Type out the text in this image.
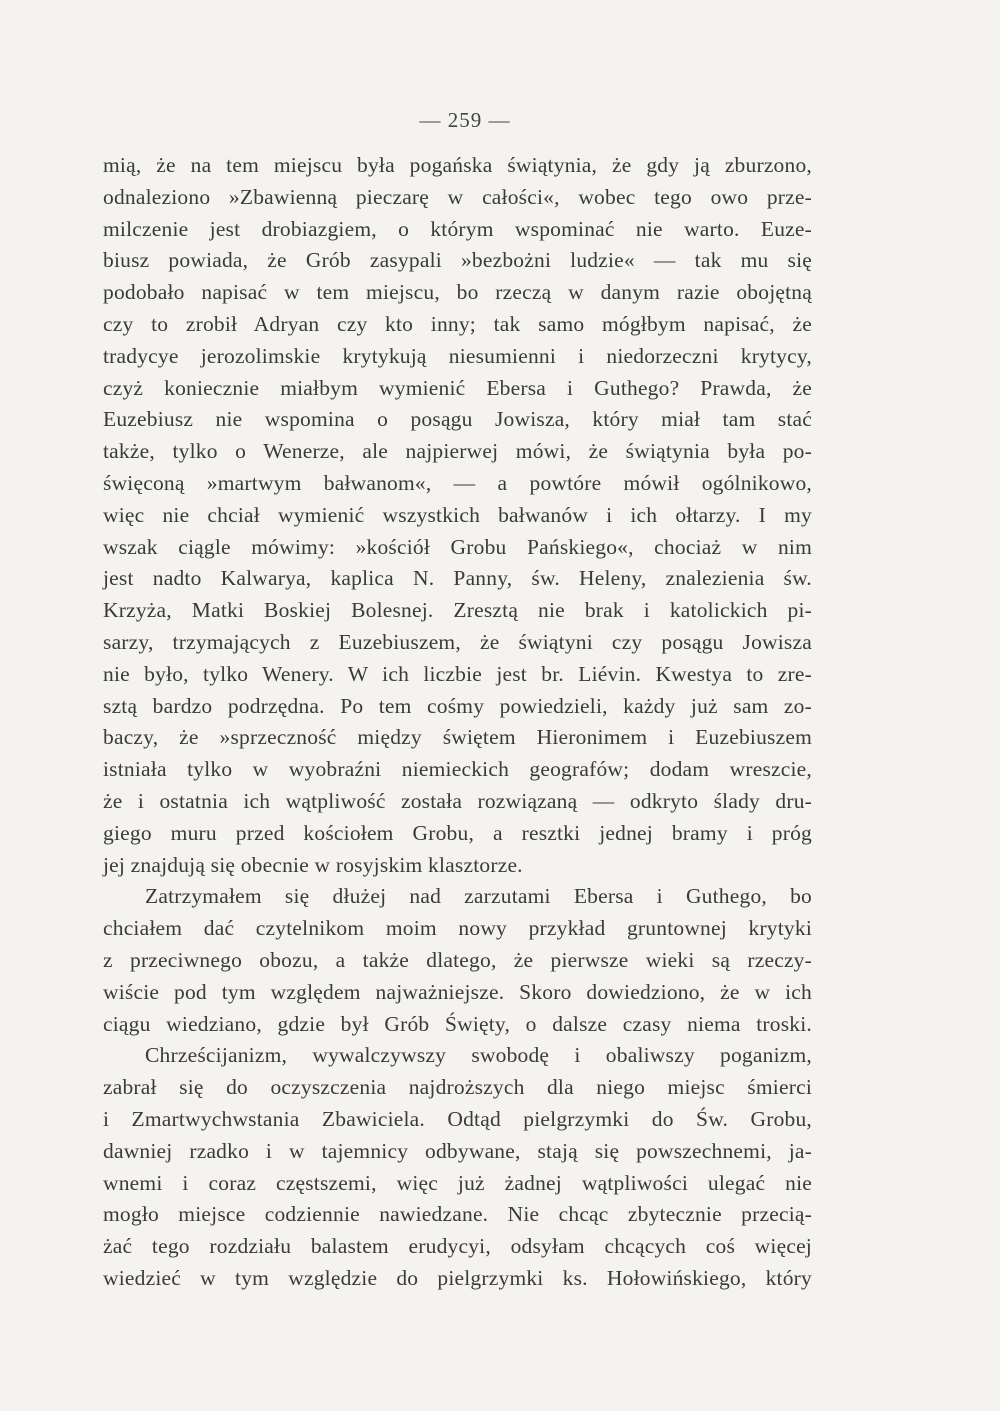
— 259 —
mią, że na tem miejscu była pogańska świątynia, że gdy ją zburzono,
odnaleziono »Zbawienną pieczarę w całości«, wobec tego owo prze-
milczenie jest drobiazgiem, o którym wspominać nie warto. Euze-
biusz powiada, że Grób zasypali »bezbożni ludzie« — tak mu się
podobało napisać w tem miejscu, bo rzeczą w danym razie obojętną
czy to zrobił Adryan czy kto inny; tak samo mógłbym napisać, że
tradycye jerozolimskie krytykują niesumienni i niedorzeczni krytycy,
czyż koniecznie miałbym wymienić Ebersa i Guthego? Prawda, że
Euzebiusz nie wspomina o posągu Jowisza, który miał tam stać
także, tylko o Wenerze, ale najpierwej mówi, że świątynia była po-
święconą »martwym bałwanom«, — a powtóre mówił ogólnikowo,
więc nie chciał wymienić wszystkich bałwanów i ich ołtarzy. I my
wszak ciągle mówimy: »kościół Grobu Pańskiego«, chociaż w nim
jest nadto Kalwarya, kaplica N. Panny, św. Heleny, znalezienia św.
Krzyża, Matki Boskiej Bolesnej. Zresztą nie brak i katolickich pi-
sarzy, trzymających z Euzebiuszem, że świątyni czy posągu Jowisza
nie było, tylko Wenery. W ich liczbie jest br. Liévin. Kwestya to zre-
sztą bardzo podrzędna. Po tem cośmy powiedzieli, każdy już sam zo-
baczy, że »sprzeczność między świętem Hieronimem i Euzebiuszem
istniała tylko w wyobraźni niemieckich geografów; dodam wreszcie,
że i ostatnia ich wątpliwość została rozwiązaną — odkryto ślady dru-
giego muru przed kościołem Grobu, a resztki jednej bramy i próg
jej znajdują się obecnie w rosyjskim klasztorze.
Zatrzymałem się dłużej nad zarzutami Ebersa i Guthego, bo
chciałem dać czytelnikom moim nowy przykład gruntownej krytyki
z przeciwnego obozu, a także dlatego, że pierwsze wieki są rzeczy-
wiście pod tym względem najważniejsze. Skoro dowiedziono, że w ich
ciągu wiedziano, gdzie był Grób Święty, o dalsze czasy niema troski.
Chrześcijanizm, wywalczywszy swobodę i obaliwszy poganizm,
zabrał się do oczyszczenia najdroższych dla niego miejsc śmierci
i Zmartwychwstania Zbawiciela. Odtąd pielgrzymki do Św. Grobu,
dawniej rzadko i w tajemnicy odbywane, stają się powszechnemi, ja-
wnemi i coraz częstszemi, więc już żadnej wątpliwości ulegać nie
mogło miejsce codziennie nawiedzane. Nie chcąc zbytecznie przecią-
żać tego rozdziału balastem erudycyi, odsyłam chcących coś więcej
wiedzieć w tym względzie do pielgrzymki ks. Hołowińskiego, który
